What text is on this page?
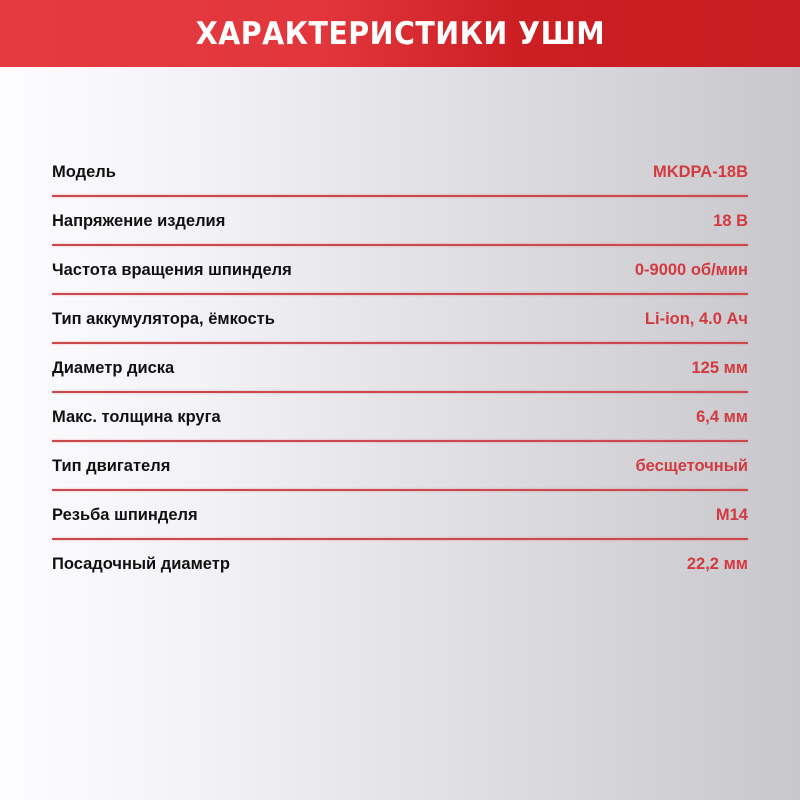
ХАРАКТЕРИСТИКИ УШМ
Модель	MKDPA-18B
Напряжение изделия	18 В
Частота вращения шпинделя	0-9000 об/мин
Тип аккумулятора, ёмкость	Li-ion, 4.0 Ач
Диаметр диска	125 мм
Макс. толщина круга	6,4 мм
Тип двигателя	бесщеточный
Резьба шпинделя	M14
Посадочный диаметр	22,2 мм
